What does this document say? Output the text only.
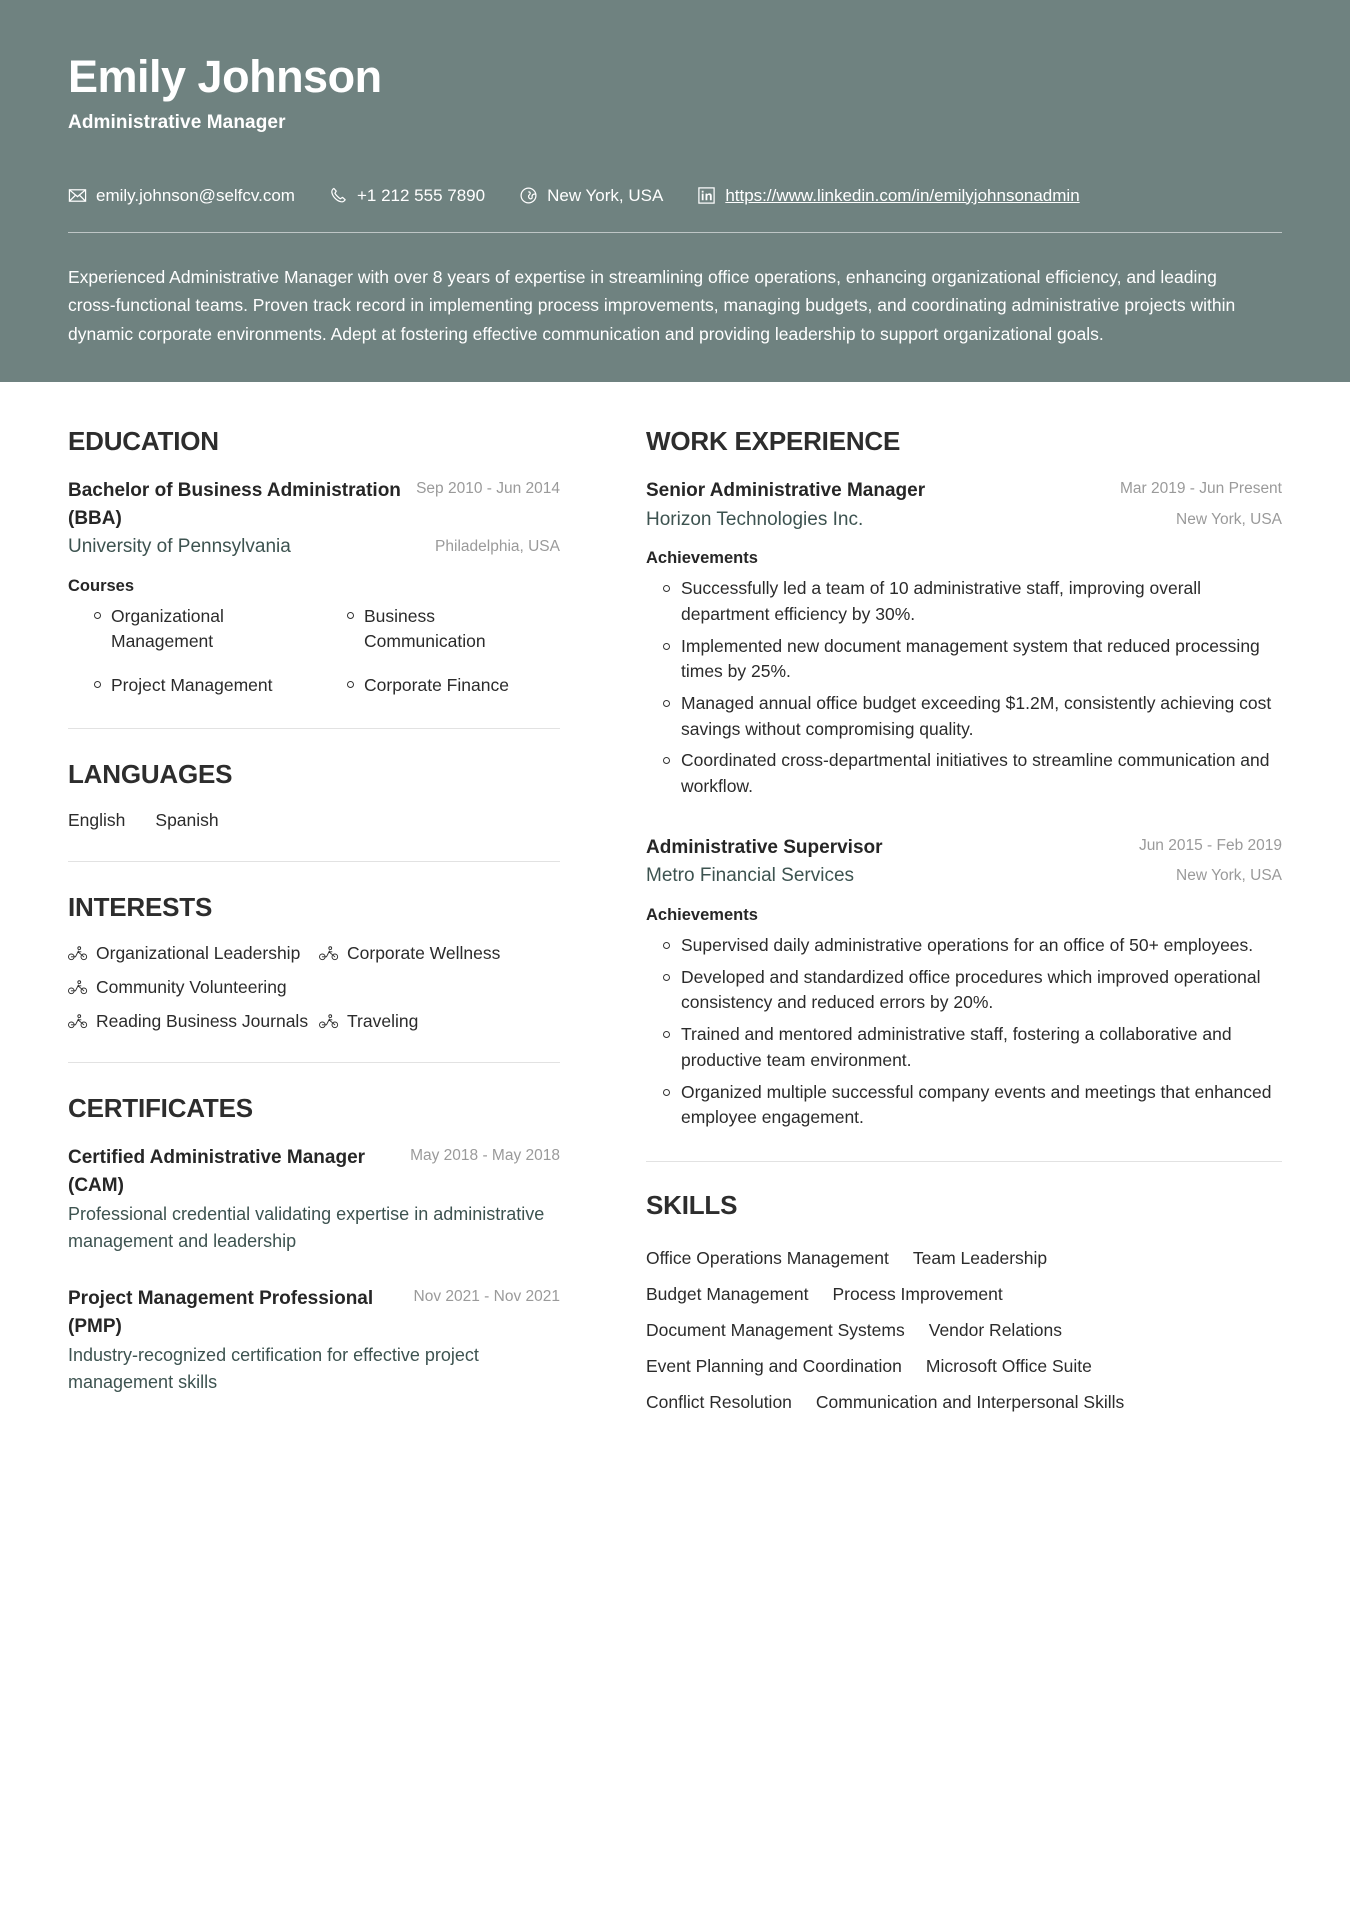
Emily Johnson
Administrative Manager
emily.johnson@selfcv.com	+1 212 555 7890	New York, USA	https://www.linkedin.com/in/emilyjohnsonadmin

Experienced Administrative Manager with over 8 years of expertise in streamlining office operations, enhancing organizational efficiency, and leading cross-functional teams. Proven track record in implementing process improvements, managing budgets, and coordinating administrative projects within dynamic corporate environments. Adept at fostering effective communication and providing leadership to support organizational goals.

EDUCATION
Bachelor of Business Administration (BBA)
Sep 2010 - Jun 2014
University of Pennsylvania	Philadelphia, USA
Courses
Organizational Management
Business Communication
Project Management	Corporate Finance
LANGUAGES
English Spanish
INTERESTS
Organizational Leadership	Corporate Wellness
Community Volunteering
Reading Business Journals Traveling
CERTIFICATES
Certified Administrative Manager (CAM)
May 2018 - May 2018
Professional credential validating expertise in administrative management and leadership
Project Management Professional (PMP)
Nov 2021 - Nov 2021
Industry-recognized certification for effective project management skills
WORK EXPERIENCE
Senior Administrative Manager	Mar 2019 - Jun Present
Horizon Technologies Inc.	New York, USA
Achievements
Successfully led a team of 10 administrative staff, improving overall department efficiency by 30%.
Implemented new document management system that reduced processing times by 25%.
Managed annual office budget exceeding $1.2M, consistently achieving cost savings without compromising quality.
Coordinated cross-departmental initiatives to streamline communication and workflow.
Administrative Supervisor	Jun 2015 - Feb 2019
Metro Financial Services	New York, USA
Achievements
Supervised daily administrative operations for an office of 50+ employees.
Developed and standardized office procedures which improved operational consistency and reduced errors by 20%.
Trained and mentored administrative staff, fostering a collaborative and productive team environment.
Organized multiple successful company events and meetings that enhanced employee engagement.
SKILLS
Office Operations Management Team Leadership
Budget Management Process Improvement
Document Management Systems Vendor Relations
Event Planning and Coordination Microsoft Office Suite
Conflict Resolution Communication and Interpersonal Skills
